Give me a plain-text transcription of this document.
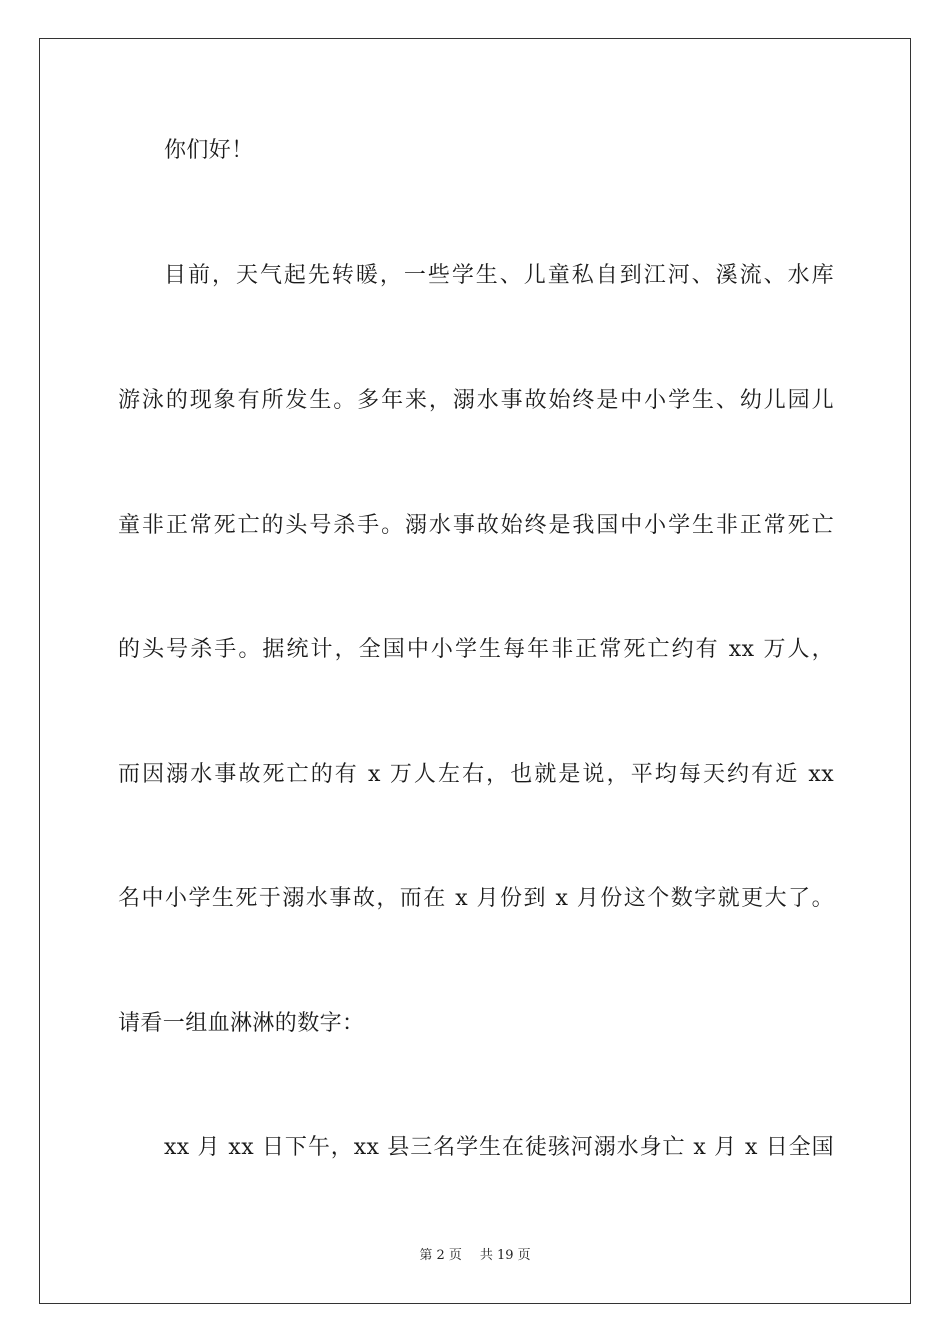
你们好！
目前，天气起先转暖，一些学生、儿童私自到江河、溪流、水库
游泳的现象有所发生。多年来，溺水事故始终是中小学生、幼儿园儿
童非正常死亡的头号杀手。溺水事故始终是我国中小学生非正常死亡
的头号杀手。据统计，全国中小学生每年非正常死亡约有 xx 万人，
而因溺水事故死亡的有 x 万人左右，也就是说，平均每天约有近 xx
名中小学生死于溺水事故，而在 x 月份到 x 月份这个数字就更大了。
请看一组血淋淋的数字：
xx 月 xx 日下午，xx 县三名学生在徒骇河溺水身亡 x 月 x 日全国
第 2 页 共 19 页
